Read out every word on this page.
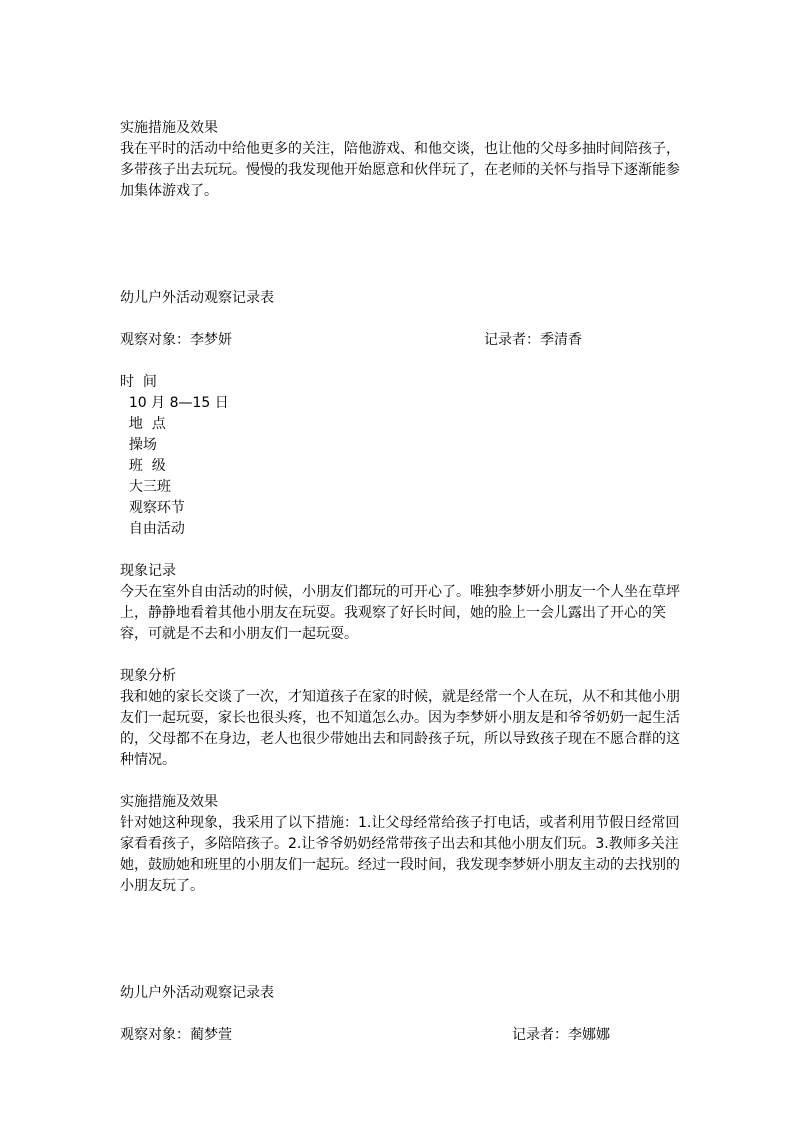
实施措施及效果
我在平时的活动中给他更多的关注，陪他游戏、和他交谈，也让他的父母多抽时间陪孩子，多带孩子出去玩玩。慢慢的我发现他开始愿意和伙伴玩了，在老师的关怀与指导下逐渐能参加集体游戏了。
幼儿户外活动观察记录表
观察对象：李梦妍	记录者：季清香
时  间
10 月 8—15 日
地  点
操场
班  级
大三班
观察环节
自由活动
现象记录
今天在室外自由活动的时候，小朋友们都玩的可开心了。唯独李梦妍小朋友一个人坐在草坪上，静静地看着其他小朋友在玩耍。我观察了好长时间，她的脸上一会儿露出了开心的笑容，可就是不去和小朋友们一起玩耍。
现象分析
我和她的家长交谈了一次，才知道孩子在家的时候，就是经常一个人在玩，从不和其他小朋友们一起玩耍，家长也很头疼，也不知道怎么办。因为李梦妍小朋友是和爷爷奶奶一起生活的，父母都不在身边，老人也很少带她出去和同龄孩子玩，所以导致孩子现在不愿合群的这种情况。
实施措施及效果
针对她这种现象，我采用了以下措施：1.让父母经常给孩子打电话，或者利用节假日经常回家看看孩子，多陪陪孩子。2.让爷爷奶奶经常带孩子出去和其他小朋友们玩。3.教师多关注她，鼓励她和班里的小朋友们一起玩。经过一段时间，我发现李梦妍小朋友主动的去找别的小朋友玩了。
幼儿户外活动观察记录表
观察对象：蔺梦萱	记录者：李娜娜
